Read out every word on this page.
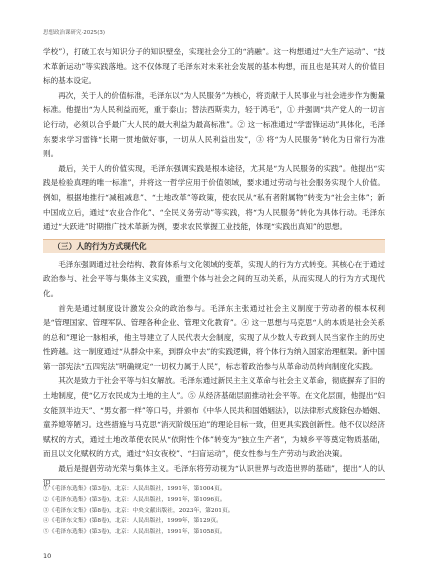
思想政治课研究·2025(3)

学校”），打破工农与知识分子的知识壁垒，实现社会分工的“消融”。这一构想通过“大生产运动”、“技术革新运动”等实践落地。这不仅体现了毛泽东对未来社会发展的基本构想，而且也是其对人的价值目标的基本设定。

再次，关于人的价值标准，毛泽东以“为人民服务”为核心，将贡献于人民事业与社会进步作为衡量标准。他提出“为人民利益而死，重于泰山；替法西斯卖力，轻于鸿毛”，① 并强调“共产党人的一切言论行动，必须以合乎最广大人民的最大利益为最高标准”。② 这一标准通过“学雷锋运动”具体化，毛泽东要求学习雷锋“长期一贯地做好事，一切从人民利益出发”，③ 将“为人民服务”转化为日常行为准则。

最后，关于人的价值实现，毛泽东强调实践是根本途径，尤其是“为人民服务的实践”。他提出“实践是检验真理的唯一标准”，并将这一哲学应用于价值领域，要求通过劳动与社会服务实现个人价值。例如，根据地推行“减租减息”、“土地改革”等政策，使农民从“私有者附属物”转变为“社会主体”；新中国成立后，通过“农业合作化”、“全民义务劳动”等实践，将“为人民服务”转化为具体行动。毛泽东通过“大跃进”时期推广技术革新为例，要求农民掌握工业技能，体现“实践出真知”的思想。

（三）人的行为方式现代化

毛泽东强调通过社会结构、教育体系与文化领域的变革，实现人的行为方式转变。其核心在于通过政治参与、社会平等与集体主义实践，重塑个体与社会之间的互动关系，从而实现人的行为方式现代化。

首先是通过制度设计激发公众的政治参与。毛泽东主张通过社会主义制度于劳动者的根本权利是“管理国家、管理军队、管理各种企业、管理文化教育”。④ 这一思想与马克思“人的本质是社会关系的总和”理论一脉相承，他主导建立了人民代表大会制度，实现了从少数人专政到人民当家作主的历史性跨越。这一制度通过“从群众中来，到群众中去”的实践逻辑，将个体行为纳入国家治理框架。新中国第一部宪法“五四宪法”明确规定“一切权力属于人民”，标志着政治参与从革命动员转向制度化实践。

其次是致力于社会平等与妇女解放。毛泽东通过新民主主义革命与社会主义革命，彻底摒弃了旧的土地制度，使“亿万农民成为土地的主人”。⑤ 从经济基础层面推动社会平等。在文化层面，他提出“妇女能顶半边天”、“男女都一样”等口号，并颁布《中华人民共和国婚姻法》，以法律形式废除包办婚姻、童养媳等陋习。这些措施与马克思“消灭阶级压迫”的理论目标一致，但更具实践创新性。他不仅以经济赋权的方式，通过土地改革使农民从“依附性个体”转变为“独立生产者”，为城乡平等奠定物质基础，而且以文化赋权的方式，通过“妇女夜校”、“扫盲运动”，使女性参与生产劳动与政治决策。

最后是提倡劳动光荣与集体主义。毛泽东将劳动视为“认识世界与改造世界的基础”，提出“人的认识

①《毛泽东选集》(第3卷)，北京：人民出版社，1991年，第1004页。
②《毛泽东选集》(第3卷)，北京：人民出版社，1991年，第1096页。
③《毛泽东文集》(第8卷)，北京：中央文献出版社，2023年，第201页。
④《毛泽东文集》(第8卷)，北京：人民出版社，1999年，第129页。
⑤《毛泽东选集》(第3卷)，北京：人民出版社，1991年，第1058页。
10
